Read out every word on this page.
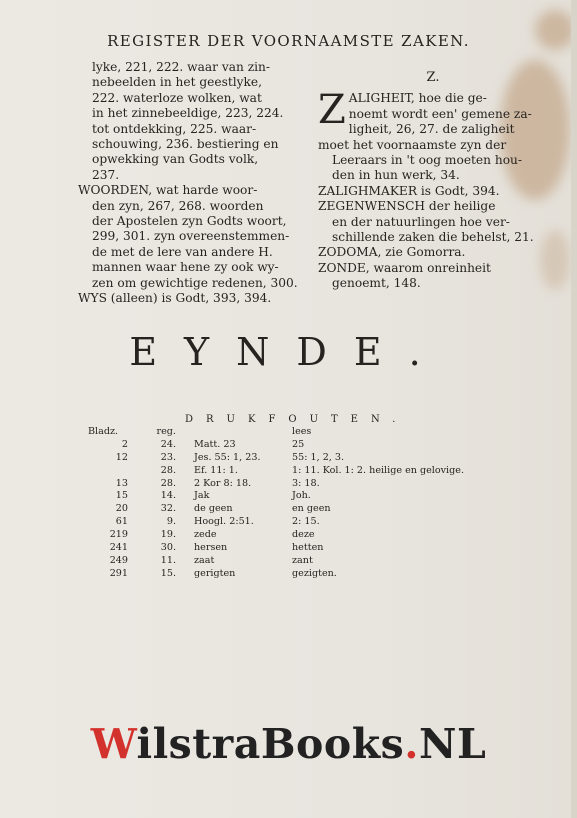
REGISTER DER VOORNAAMSTE ZAKEN.
lyke, 221, 222. waar van zin-
nebeelden in het geestlyke,
222. waterloze wolken, wat
in het zinnebeeldige, 223, 224.
tot ontdekking, 225. waar-
schouwing, 236. bestiering en
opwekking van Godts volk,
237.
WOORDEN, wat harde woor-
den zyn, 267, 268. woorden
der Apostelen zyn Godts woort,
299, 301. zyn overeenstemmen-
de met de lere van andere H.
mannen waar hene zy ook wy-
zen om gewichtige redenen, 300.
WYS (alleen) is Godt, 393, 394.
Z.
Z ALIGHEIT, hoe die ge-
noemt wordt een' gemene za-
ligheit, 26, 27. de zaligheit
moet het voornaamste zyn der
Leeraars in 't oog moeten hou-
den in hun werk, 34.
ZALIGHMAKER is Godt, 394.
ZEGENWENSCH der heilige
en der natuurlingen hoe ver-
schillende zaken die behelst, 21.
ZODOMA, zie Gomorra.
ZONDE, waarom onreinheit
genoemt, 148.
EYNDE.
DRUKFOUTEN.
Bladz.	reg.		lees
2	24.	Matt. 23	25
12	23.	Jes. 55: 1, 23.	55: 1, 2, 3.
	28.	Ef. 11: 1.	1: 11. Kol. 1: 2. heilige en gelovige.
13	28.	2 Kor 8: 18.	3: 18.
15	14.	Jak	Joh.
20	32.	de geen	en geen
61	9.	Hoogl. 2:51.	2: 15.
219	19.	zede	deze
241	30.	hersen	hetten
249	11.	zaat	zant
291	15.	gerigten	gezigten.
WilstraBooks.NL
